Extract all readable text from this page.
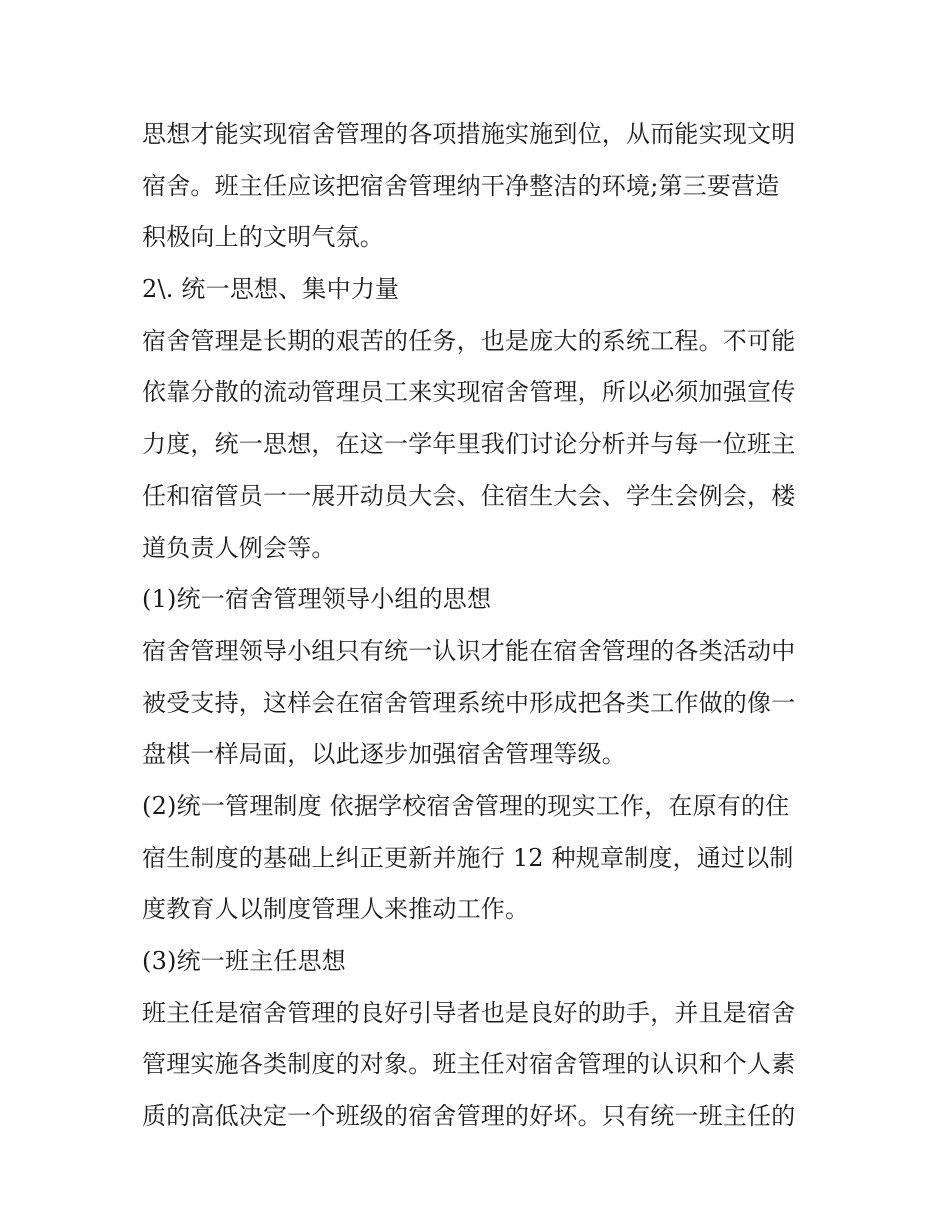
思想才能实现宿舍管理的各项措施实施到位，从而能实现文明
宿舍。班主任应该把宿舍管理纳干净整洁的环境;第三要营造
积极向上的文明气氛。
2\. 统一思想、集中力量
宿舍管理是长期的艰苦的任务，也是庞大的系统工程。不可能
依靠分散的流动管理员工来实现宿舍管理，所以必须加强宣传
力度，统一思想，在这一学年里我们讨论分析并与每一位班主
任和宿管员一一展开动员大会、住宿生大会、学生会例会，楼
道负责人例会等。
(1)统一宿舍管理领导小组的思想
宿舍管理领导小组只有统一认识才能在宿舍管理的各类活动中
被受支持，这样会在宿舍管理系统中形成把各类工作做的像一
盘棋一样局面，以此逐步加强宿舍管理等级。
(2)统一管理制度 依据学校宿舍管理的现实工作，在原有的住
宿生制度的基础上纠正更新并施行 12 种规章制度，通过以制
度教育人以制度管理人来推动工作。
(3)统一班主任思想
班主任是宿舍管理的良好引导者也是良好的助手，并且是宿舍
管理实施各类制度的对象。班主任对宿舍管理的认识和个人素
质的高低决定一个班级的宿舍管理的好坏。只有统一班主任的
